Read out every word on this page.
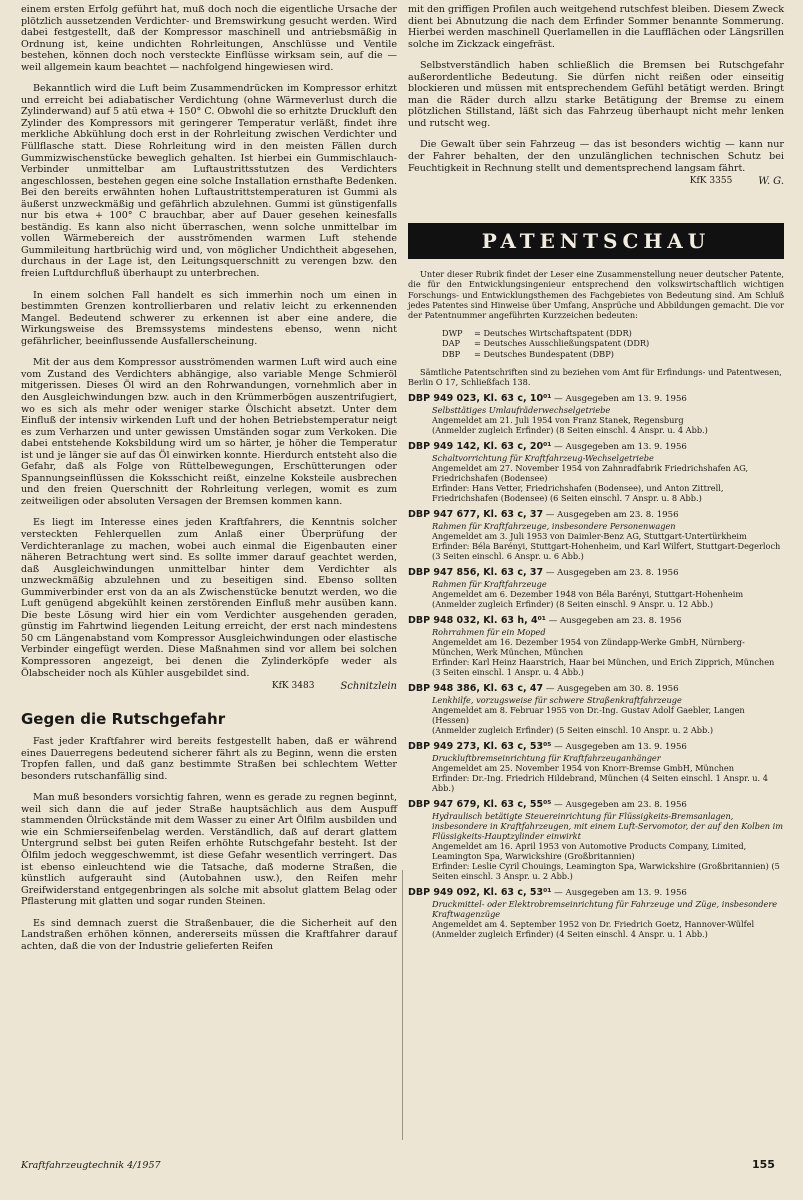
einem ersten Erfolg geführt hat, muß doch noch die eigentliche Ursache der plötzlich aussetzenden Verdichter- und Bremswirkung gesucht werden. Wird dabei festgestellt, daß der Kompressor maschinell und antriebsmäßig in Ordnung ist, keine undichten Rohrleitungen, Anschlüsse und Ventile bestehen, können doch noch versteckte Einflüsse wirksam sein, auf die — weil allgemein kaum beachtet — nachfolgend hingewiesen wird.

Bekanntlich wird die Luft beim Zusammendrücken im Kompressor erhitzt und erreicht bei adiabatischer Verdichtung (ohne Wärmeverlust durch die Zylinderwand) auf 5 atü etwa + 150° C. Obwohl die so erhitzte Druckluft den Zylinder des Kompressors mit geringerer Temperatur verläßt, findet ihre merkliche Abkühlung doch erst in der Rohrleitung zwischen Verdichter und Füllflasche statt. Diese Rohrleitung wird in den meisten Fällen durch Gummizwischenstücke beweglich gehalten. Ist hierbei ein Gummischlauch-Verbinder unmittelbar am Luftaustrittsstutzen des Verdichters angeschlossen, bestehen gegen eine solche Installation ernsthafte Bedenken. Bei den bereits erwähnten hohen Luftaustrittstemperaturen ist Gummi als äußerst unzweckmäßig und gefährlich abzulehnen. Gummi ist günstigenfalls nur bis etwa + 100° C brauchbar, aber auf Dauer gesehen keinesfalls beständig. Es kann also nicht überraschen, wenn solche unmittelbar im vollen Wärmebereich der ausströmenden warmen Luft stehende Gummileitung hartbrüchig wird und, von möglicher Undichtheit abgesehen, durchaus in der Lage ist, den Leitungsquerschnitt zu verengen bzw. den freien Luftdurchfluß überhaupt zu unterbrechen.

In einem solchen Fall handelt es sich immerhin noch um einen in bestimmten Grenzen kontrollierbaren und relativ leicht zu erkennenden Mangel. Bedeutend schwerer zu erkennen ist aber eine andere, die Wirkungsweise des Bremssystems mindestens ebenso, wenn nicht gefährlicher, beeinflussende Ausfallerscheinung.

Mit der aus dem Kompressor ausströmenden warmen Luft wird auch eine vom Zustand des Verdichters abhängige, also variable Menge Schmieröl mitgerissen. Dieses Öl wird an den Rohrwandungen, vornehmlich aber in den Ausgleichwindungen bzw. auch in den Krümmerbögen auszentrifugiert, wo es sich als mehr oder weniger starke Ölschicht absetzt. Unter dem Einfluß der intensiv wirkenden Luft und der hohen Betriebstemperatur neigt es zum Verharzen und unter gewissen Umständen sogar zum Verkoken. Die dabei entstehende Koksbildung wird um so härter, je höher die Temperatur ist und je länger sie auf das Öl einwirken konnte. Hierdurch entsteht also die Gefahr, daß als Folge von Rüttelbewegungen, Erschütterungen oder Spannungseinflüssen die Koksschicht reißt, einzelne Koksteile ausbrechen und den freien Querschnitt der Rohrleitung verlegen, womit es zum zeitweiligen oder absoluten Versagen der Bremsen kommen kann.

Es liegt im Interesse eines jeden Kraftfahrers, die Kenntnis solcher versteckten Fehlerquellen zum Anlaß einer Überprüfung der Verdichteranlage zu machen, wobei auch einmal die Eigenbauten einer näheren Betrachtung wert sind. Es sollte immer darauf geachtet werden, daß Ausgleichwindungen unmittelbar hinter dem Verdichter als unzweckmäßig abzulehnen und zu beseitigen sind. Ebenso sollten Gummiverbinder erst von da an als Zwischenstücke benutzt werden, wo die Luft genügend abgekühlt keinen zerstörenden Einfluß mehr ausüben kann. Die beste Lösung wird hier ein vom Verdichter ausgehenden geraden, günstig im Fahrtwind liegenden Leitung erreicht, der erst nach mindestens 50 cm Längenabstand vom Kompressor Ausgleichwindungen oder elastische Verbinder eingefügt werden. Diese Maßnahmen sind vor allem bei solchen Kompressoren angezeigt, bei denen die Zylinderköpfe weder als Ölabscheider noch als Kühler ausgebildet sind.

KfK 3483	Schnitzlein
Gegen die Rutschgefahr

Fast jeder Kraftfahrer wird bereits festgestellt haben, daß er während eines Dauerregens bedeutend sicherer fährt als zu Beginn, wenn die ersten Tropfen fallen, und daß ganz bestimmte Straßen bei schlechtem Wetter besonders rutschanfällig sind.

Man muß besonders vorsichtig fahren, wenn es gerade zu regnen beginnt, weil sich dann die auf jeder Straße hauptsächlich aus dem Auspuff stammenden Ölrückstände mit dem Wasser zu einer Art Ölfilm ausbilden und wie ein Schmierseifenbelag werden. Verständlich, daß auf derart glattem Untergrund selbst bei guten Reifen erhöhte Rutschgefahr besteht. Ist der Ölfilm jedoch weggeschwemmt, ist diese Gefahr wesentlich verringert. Das ist ebenso einleuchtend wie die Tatsache, daß moderne Straßen, die künstlich aufgerauht sind (Autobahnen usw.), den Reifen mehr Greifwiderstand entgegenbringen als solche mit absolut glattem Belag oder Pflasterung mit glatten und sogar runden Steinen.

Es sind demnach zuerst die Straßenbauer, die die Sicherheit auf den Landstraßen erhöhen können, andererseits müssen die Kraftfahrer darauf achten, daß die von der Industrie gelieferten Reifen

mit den griffigen Profilen auch weitgehend rutschfest bleiben. Diesem Zweck dient bei Abnutzung die nach dem Erfinder Sommer benannte Sommerung. Hierbei werden maschinell Querlamellen in die Laufflächen oder Längsrillen solche im Zickzack eingefräst.

Selbstverständlich haben schließlich die Bremsen bei Rutschgefahr außerordentliche Bedeutung. Sie dürfen nicht reißen oder einseitig blockieren und müssen mit entsprechendem Gefühl betätigt werden. Bringt man die Räder durch allzu starke Betätigung der Bremse zu einem plötzlichen Stillstand, läßt sich das Fahrzeug überhaupt nicht mehr lenken und rutscht weg.

Die Gewalt über sein Fahrzeug — das ist besonders wichtig — kann nur der Fahrer behalten, der den unzulänglichen technischen Schutz bei Feuchtigkeit in Rechnung stellt und dementsprechend langsam fährt.

KfK 3355	W. G.
PATENTSCHAU
Unter dieser Rubrik findet der Leser eine Zusammenstellung neuer deutscher Patente, die für den Entwicklungsingenieur entsprechend den volkswirtschaftlich wichtigen Forschungs- und Entwicklungsthemen des Fachgebietes von Bedeutung sind. Am Schluß jedes Patentes sind Hinweise über Umfang, Ansprüche und Abbildungen gemacht. Die vor der Patentnummer angeführten Kurzzeichen bedeuten:
DWP	= Deutsches Wirtschaftspatent (DDR)
DAP	= Deutsches Ausschließungspatent (DDR)
DBP	= Deutsches Bundespatent (DBP)
Sämtliche Patentschriften sind zu beziehen vom Amt für Erfindungs- und Patentwesen, Berlin O 17, Schließfach 138.
DBP 949 023, Kl. 63 c, 10⁰¹ — Ausgegeben am 13. 9. 1956
Selbsttätiges Umlaufräderwechselgetriebe
Angemeldet am 21. Juli 1954 von Franz Stanek, Regensburg
(Anmelder zugleich Erfinder) (8 Seiten einschl. 4 Anspr. u. 4 Abb.)
DBP 949 142, Kl. 63 c, 20⁰¹ — Ausgegeben am 13. 9. 1956
Schaltvorrichtung für Kraftfahrzeug-Wechselgetriebe
Angemeldet am 27. November 1954 von Zahnradfabrik Friedrichshafen AG, Friedrichshafen (Bodensee)
Erfinder: Hans Vetter, Friedrichshafen (Bodensee), und Anton Zittrell, Friedrichshafen (Bodensee) (6 Seiten einschl. 7 Anspr. u. 8 Abb.)
DBP 947 677, Kl. 63 c, 37 — Ausgegeben am 23. 8. 1956
Rahmen für Kraftfahrzeuge, insbesondere Personenwagen
Angemeldet am 3. Juli 1953 von Daimler-Benz AG, Stuttgart-Untertürkheim
Erfinder: Béla Barényi, Stuttgart-Hohenheim, und Karl Wilfert, Stuttgart-Degerloch (3 Seiten einschl. 6 Anspr. u. 6 Abb.)
DBP 947 856, Kl. 63 c, 37 — Ausgegeben am 23. 8. 1956
Rahmen für Kraftfahrzeuge
Angemeldet am 6. Dezember 1948 von Béla Barényi, Stuttgart-Hohenheim
(Anmelder zugleich Erfinder) (8 Seiten einschl. 9 Anspr. u. 12 Abb.)
DBP 948 032, Kl. 63 h, 4⁰¹ — Ausgegeben am 23. 8. 1956
Rohrrahmen für ein Moped
Angemeldet am 16. Dezember 1954 von Zündapp-Werke GmbH, Nürnberg-München, Werk München, München
Erfinder: Karl Heinz Haarstrich, Haar bei München, und Erich Zipprich, München (3 Seiten einschl. 1 Anspr. u. 4 Abb.)
DBP 948 386, Kl. 63 c, 47 — Ausgegeben am 30. 8. 1956
Lenkhilfe, vorzugsweise für schwere Straßenkraftfahrzeuge
Angemeldet am 8. Februar 1955 von Dr.-Ing. Gustav Adolf Gaebler, Langen (Hessen)
(Anmelder zugleich Erfinder) (5 Seiten einschl. 10 Anspr. u. 2 Abb.)
DBP 949 273, Kl. 63 c, 53⁰⁵ — Ausgegeben am 13. 9. 1956
Druckluftbremseinrichtung für Kraftfahrzeuganhänger
Angemeldet am 25. November 1954 von Knorr-Bremse GmbH, München
Erfinder: Dr.-Ing. Friedrich Hildebrand, München (4 Seiten einschl. 1 Anspr. u. 4 Abb.)
DBP 947 679, Kl. 63 c, 55⁰⁵ — Ausgegeben am 23. 8. 1956
Hydraulisch betätigte Steuereinrichtung für Flüssigkeits-Bremsanlagen, insbesondere in Kraftfahrzeugen, mit einem Luft-Servomotor, der auf den Kolben im Flüssigkeits-Hauptzylinder einwirkt
Angemeldet am 16. April 1953 von Automotive Products Company, Limited, Leamington Spa, Warwickshire (Großbritannien)
Erfinder: Leslie Cyril Chouings, Leamington Spa, Warwickshire (Großbritannien) (5 Seiten einschl. 3 Anspr. u. 2 Abb.)
DBP 949 092, Kl. 63 c, 53⁰¹ — Ausgegeben am 13. 9. 1956
Druckmittel- oder Elektrobremseinrichtung für Fahrzeuge und Züge, insbesondere Kraftwagenzüge
Angemeldet am 4. September 1952 von Dr. Friedrich Goetz, Hannover-Wülfel
(Anmelder zugleich Erfinder) (4 Seiten einschl. 4 Anspr. u. 1 Abb.)
Kraftfahrzeugtechnik 4/1957	155
